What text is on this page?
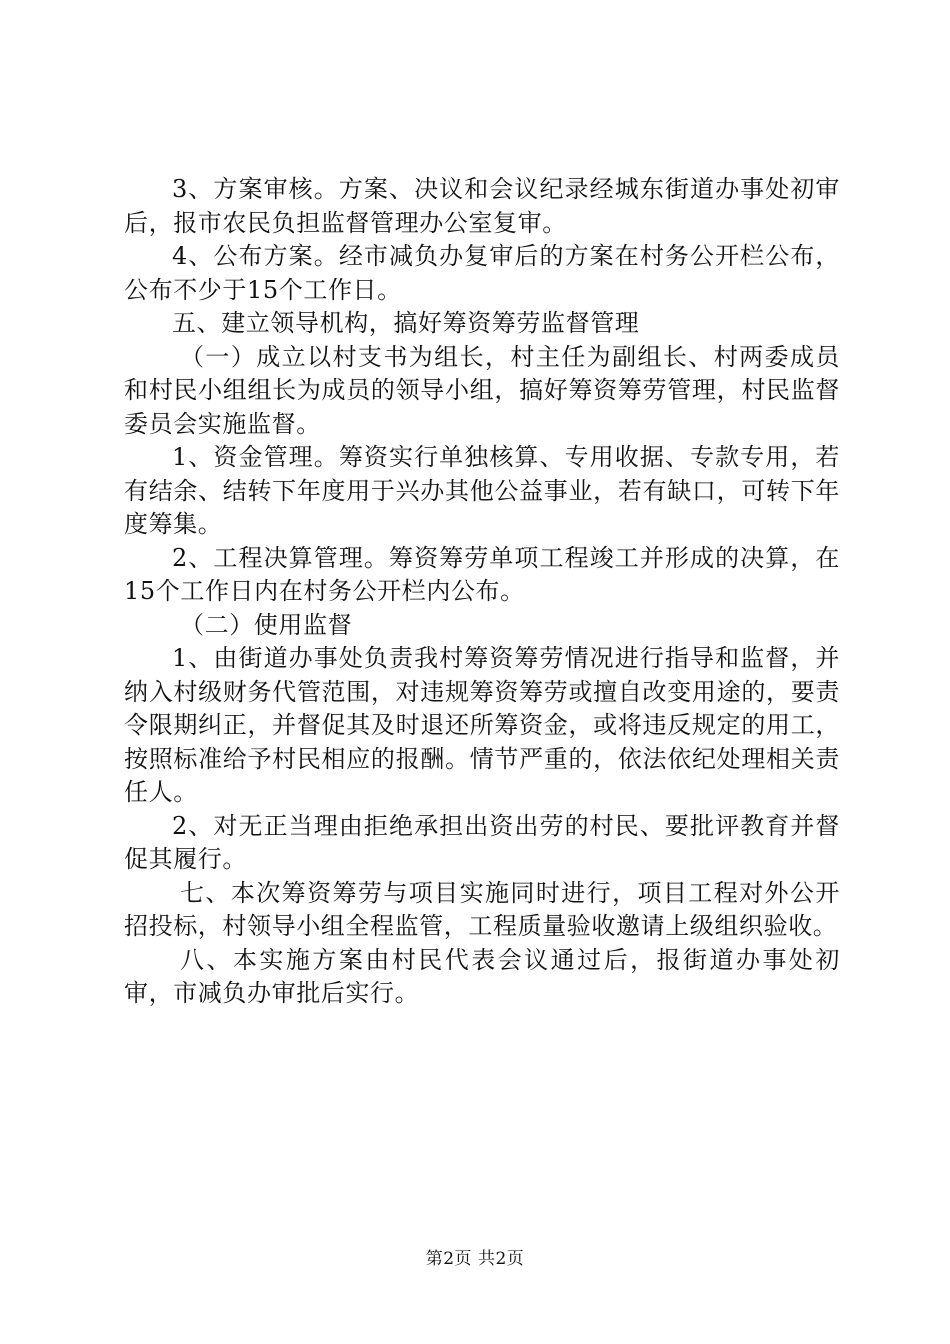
3、方案审核。方案、决议和会议纪录经城东街道办事处初审后，报市农民负担监督管理办公室复审。

4、公布方案。经市减负办复审后的方案在村务公开栏公布，公布不少于15个工作日。

五、建立领导机构，搞好筹资筹劳监督管理

（一）成立以村支书为组长，村主任为副组长、村两委成员和村民小组组长为成员的领导小组，搞好筹资筹劳管理，村民监督委员会实施监督。

1、资金管理。筹资实行单独核算、专用收据、专款专用，若有结余、结转下年度用于兴办其他公益事业，若有缺口，可转下年度筹集。

2、工程决算管理。筹资筹劳单项工程竣工并形成的决算，在15个工作日内在村务公开栏内公布。

（二）使用监督

1、由街道办事处负责我村筹资筹劳情况进行指导和监督，并纳入村级财务代管范围，对违规筹资筹劳或擅自改变用途的，要责令限期纠正，并督促其及时退还所筹资金，或将违反规定的用工，按照标准给予村民相应的报酬。情节严重的，依法依纪处理相关责任人。

2、对无正当理由拒绝承担出资出劳的村民、要批评教育并督促其履行。

七、本次筹资筹劳与项目实施同时进行，项目工程对外公开招投标，村领导小组全程监管，工程质量验收邀请上级组织验收。

八、本实施方案由村民代表会议通过后，报街道办事处初审，市减负办审批后实行。

第2页 共2页
